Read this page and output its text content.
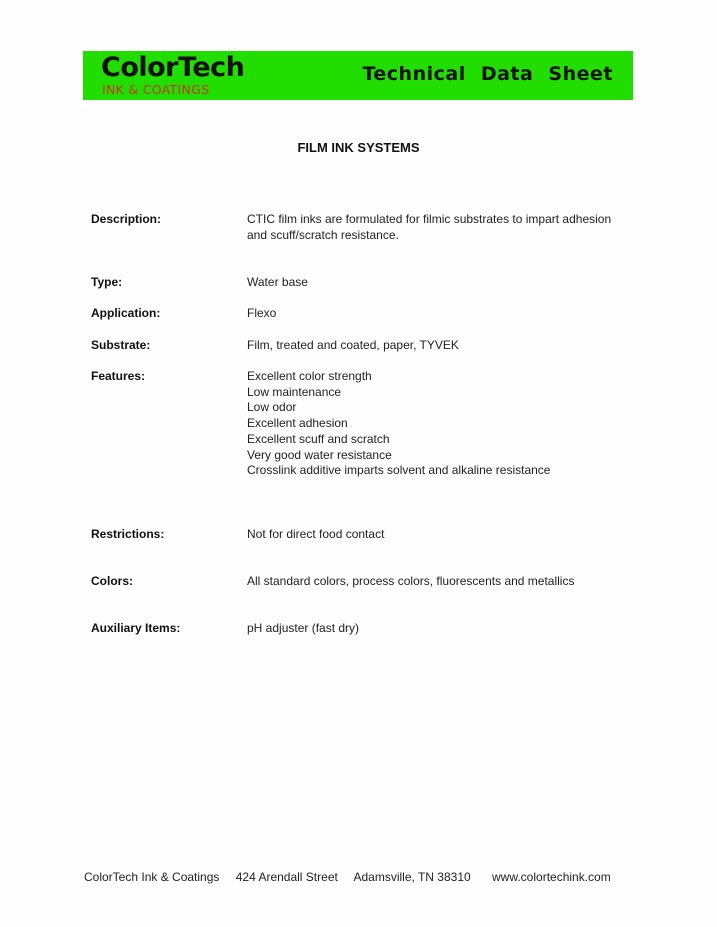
ColorTech
INK & COATINGS
Technical Data Sheet
FILM INK SYSTEMS
Description:	CTIC film inks are formulated for filmic substrates to impart adhesion
and scuff/scratch resistance.
Type:	Water base
Application:	Flexo
Substrate:	Film, treated and coated, paper, TYVEK
Features:	Excellent color strength
Low maintenance
Low odor
Excellent adhesion
Excellent scuff and scratch
Very good water resistance
Crosslink additive imparts solvent and alkaline resistance
Restrictions:	Not for direct food contact
Colors:	All standard colors, process colors, fluorescents and metallics
Auxiliary Items:	pH adjuster (fast dry)
ColorTech Ink & Coatings 424 Arendall Street Adamsville, TN 38310 www.colortechink.com
